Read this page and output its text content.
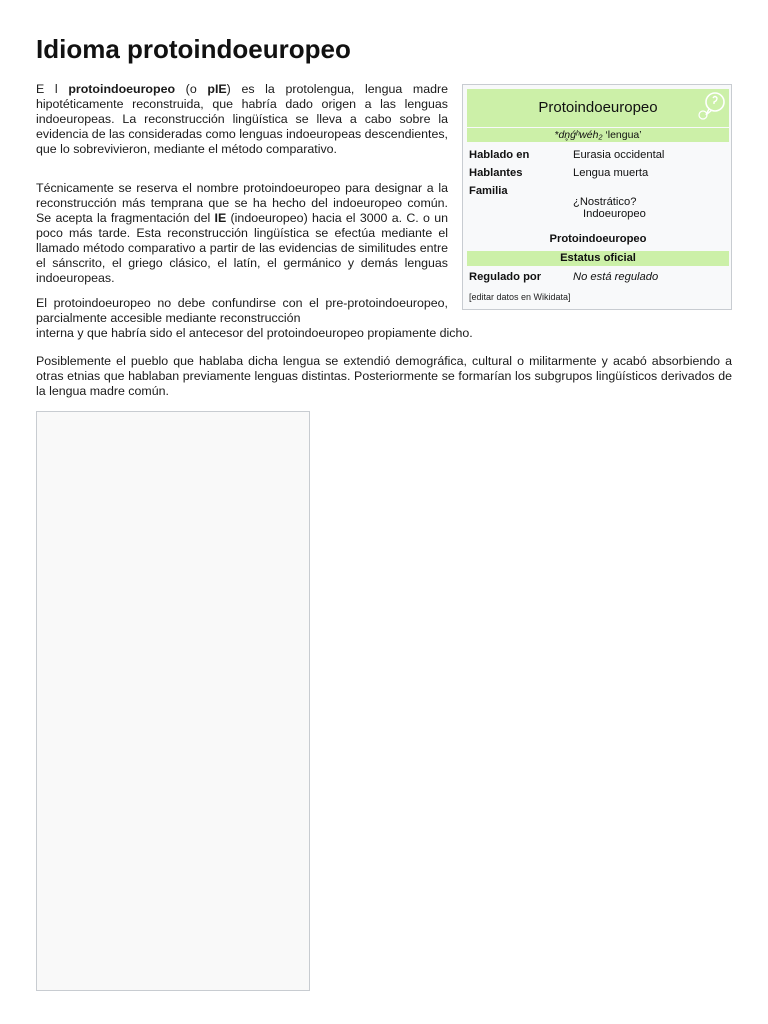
Idioma protoindoeuropeo

E l protoindoeuropeo (o pIE) es la protolengua, lengua madre hipotéticamente reconstruida, que habría dado origen a las lenguas indoeuropeas. La reconstrucción lingüística se lleva a cabo sobre la evidencia de las consideradas como lenguas indoeuropeas descendientes, que lo sobrevivieron, mediante el método comparativo.

Técnicamente se reserva el nombre protoindoeuropeo para designar a la reconstrucción más temprana que se ha hecho del indoeuropeo común. Se acepta la fragmentación del IE (indoeuropeo) hacia el 3000 a. C. o un poco más tarde. Esta reconstrucción lingüística se efectúa mediante el llamado método comparativo a partir de las evidencias de similitudes entre el sánscrito, el griego clásico, el latín, el germánico y demás lenguas indoeuropeas.

El protoindoeuropeo no debe confundirse con el pre-protoindoeuropeo, parcialmente accesible mediante reconstrucción
interna y que habría sido el antecesor del protoindoeuropeo propiamente dicho.

Posiblemente el pueblo que hablaba dicha lengua se extendió demográfica, cultural o militarmente y acabó absorbiendo a otras etnias que hablaban previamente lenguas distintas. Posteriormente se formarían los subgrupos lingüísticos derivados de la lengua madre común.

Protoindoeuropeo
*dn̥ǵʰwéh₂ ‘lengua’
Hablado en	Eurasia occidental
Hablantes	Lengua muerta
Familia
¿Nostrático?
Indoeuropeo
Protoindoeuropeo
Estatus oficial
Regulado por	No está regulado
[editar datos en Wikidata]
